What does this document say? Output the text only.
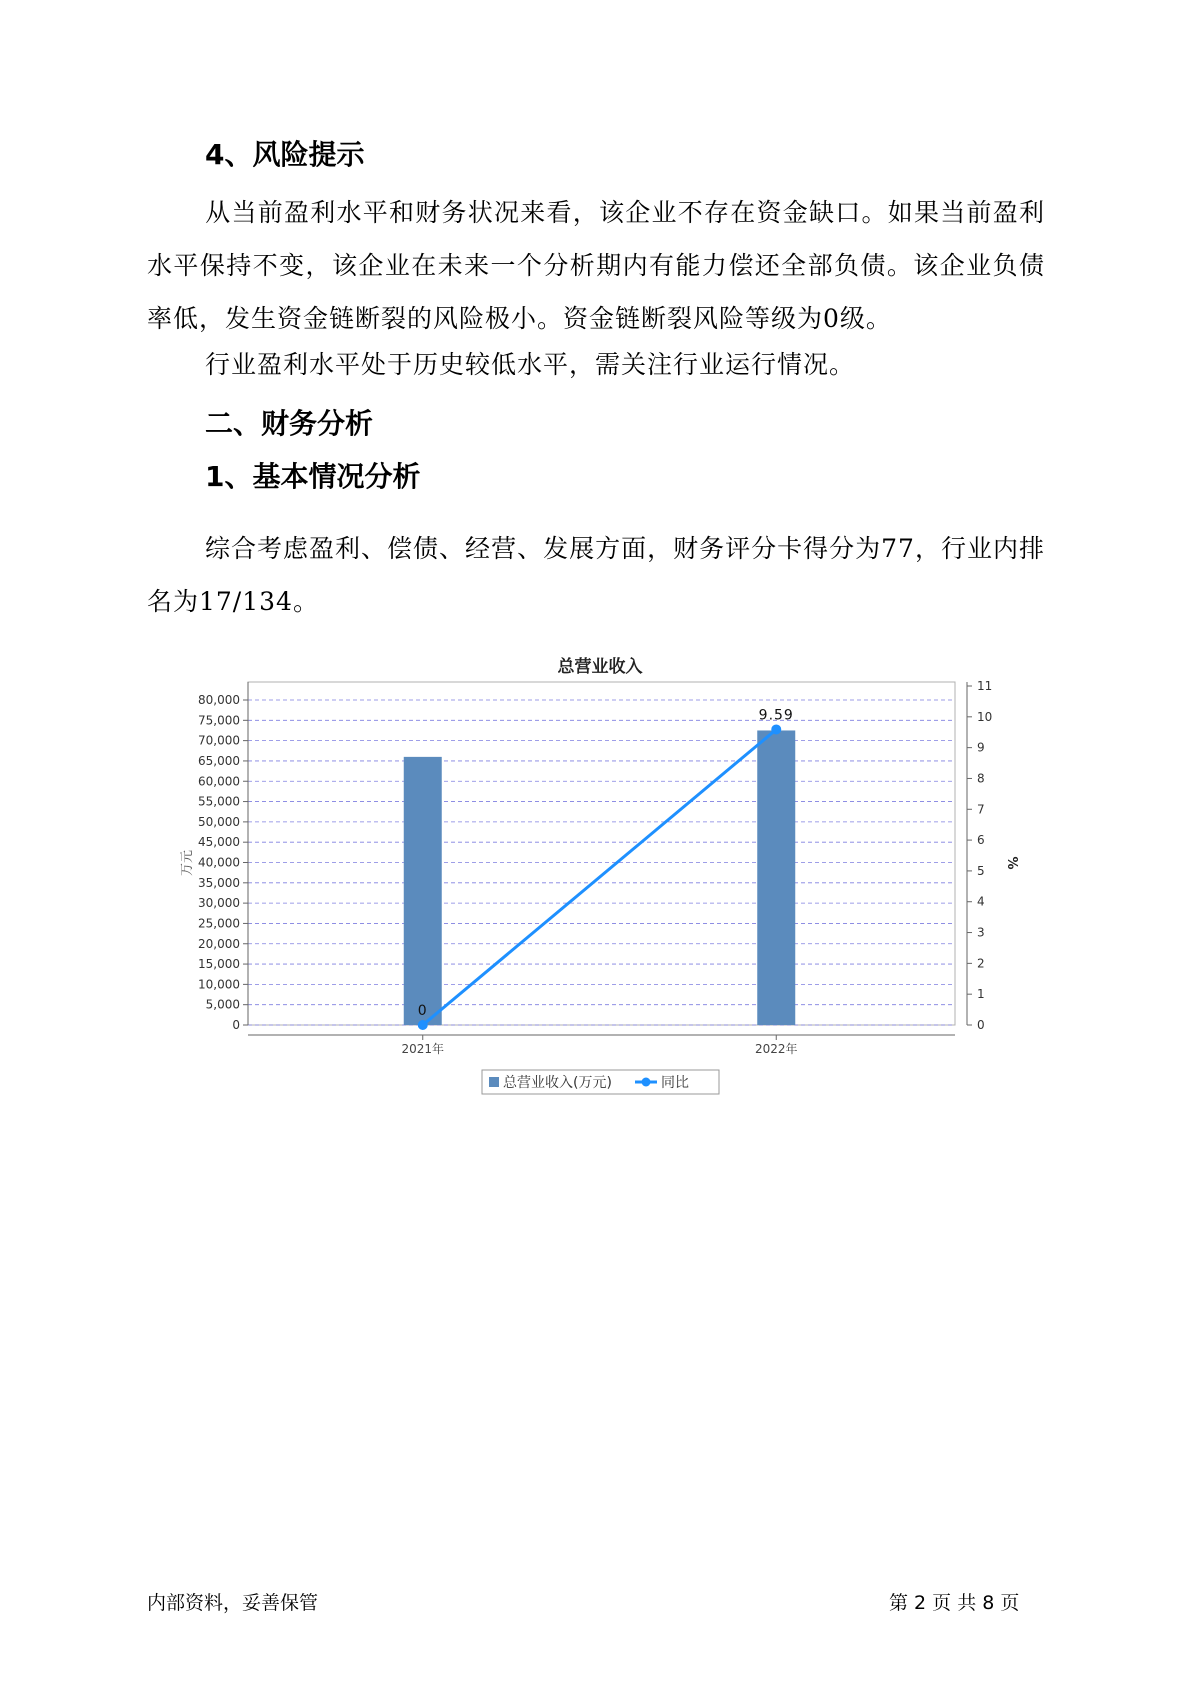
4、风险提示

从当前盈利水平和财务状况来看，该企业不存在资金缺口。如果当前盈利水平保持不变，该企业在未来一个分析期内有能力偿还全部负债。该企业负债率低，发生资金链断裂的风险极小。资金链断裂风险等级为0级。

行业盈利水平处于历史较低水平，需关注行业运行情况。

二、财务分析
1、基本情况分析

综合考虑盈利、偿债、经营、发展方面，财务评分卡得分为77，行业内排名为17/134。

总营业收入
0
5,000
10,000
15,000
20,000
25,000
30,000
35,000
40,000
45,000
50,000
55,000
60,000
65,000
70,000
75,000
80,000
0
1
2
3
4
5
6
7
8
9
10
11
0
9.59
2021年	2022年
万元	%
总营业收入(万元)	同比
内部资料，妥善保管	第 2 页 共 8 页
